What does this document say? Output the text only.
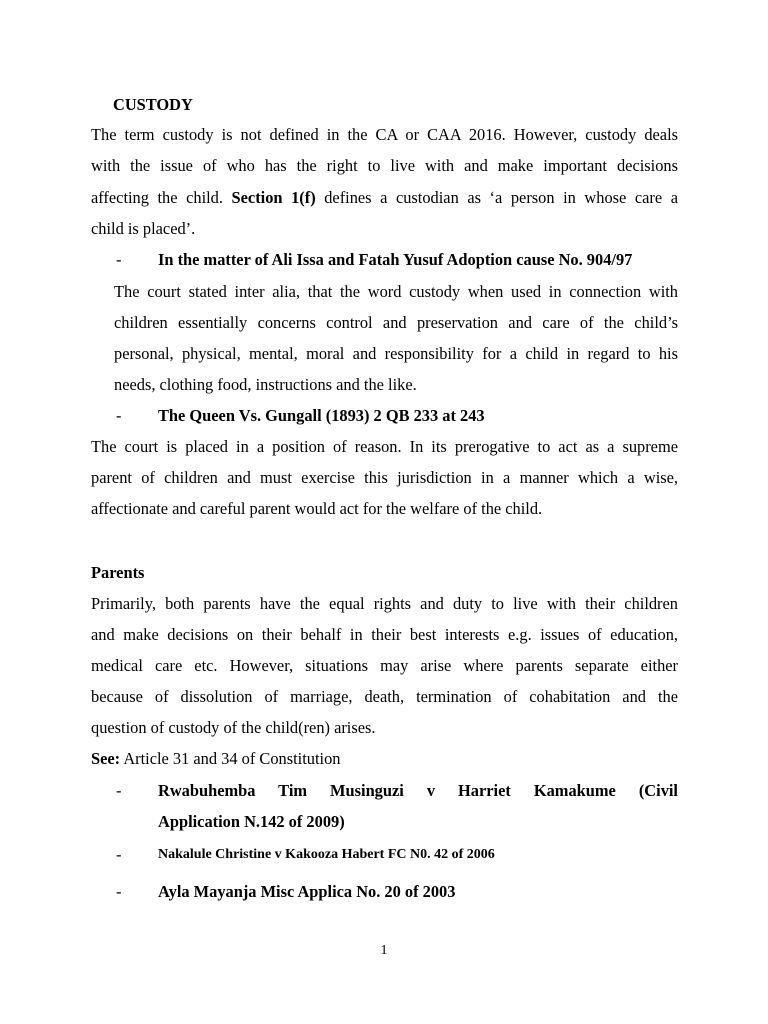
CUSTODY
The term custody is not defined in the CA or CAA 2016. However, custody deals
with the issue of who has the right to live with and make important decisions
affecting the child. Section 1(f) defines a custodian as ‘a person in whose care a
child is placed’.
- In the matter of Ali Issa and Fatah Yusuf Adoption cause No. 904/97
The court stated inter alia, that the word custody when used in connection with
children essentially concerns control and preservation and care of the child’s
personal, physical, mental, moral and responsibility for a child in regard to his
needs, clothing food, instructions and the like.
- The Queen Vs. Gungall (1893) 2 QB 233 at 243
The court is placed in a position of reason. In its prerogative to act as a supreme
parent of children and must exercise this jurisdiction in a manner which a wise,
affectionate and careful parent would act for the welfare of the child.
Parents
Primarily, both parents have the equal rights and duty to live with their children
and make decisions on their behalf in their best interests e.g. issues of education,
medical care etc. However, situations may arise where parents separate either
because of dissolution of marriage, death, termination of cohabitation and the
question of custody of the child(ren) arises.
See: Article 31 and 34 of Constitution
- Rwabuhemba Tim Musinguzi v Harriet Kamakume (Civil
Application N.142 of 2009)
-	Nakalule Christine v Kakooza Habert FC N0. 42 of 2006
- Ayla Mayanja Misc Applica No. 20 of 2003
1
